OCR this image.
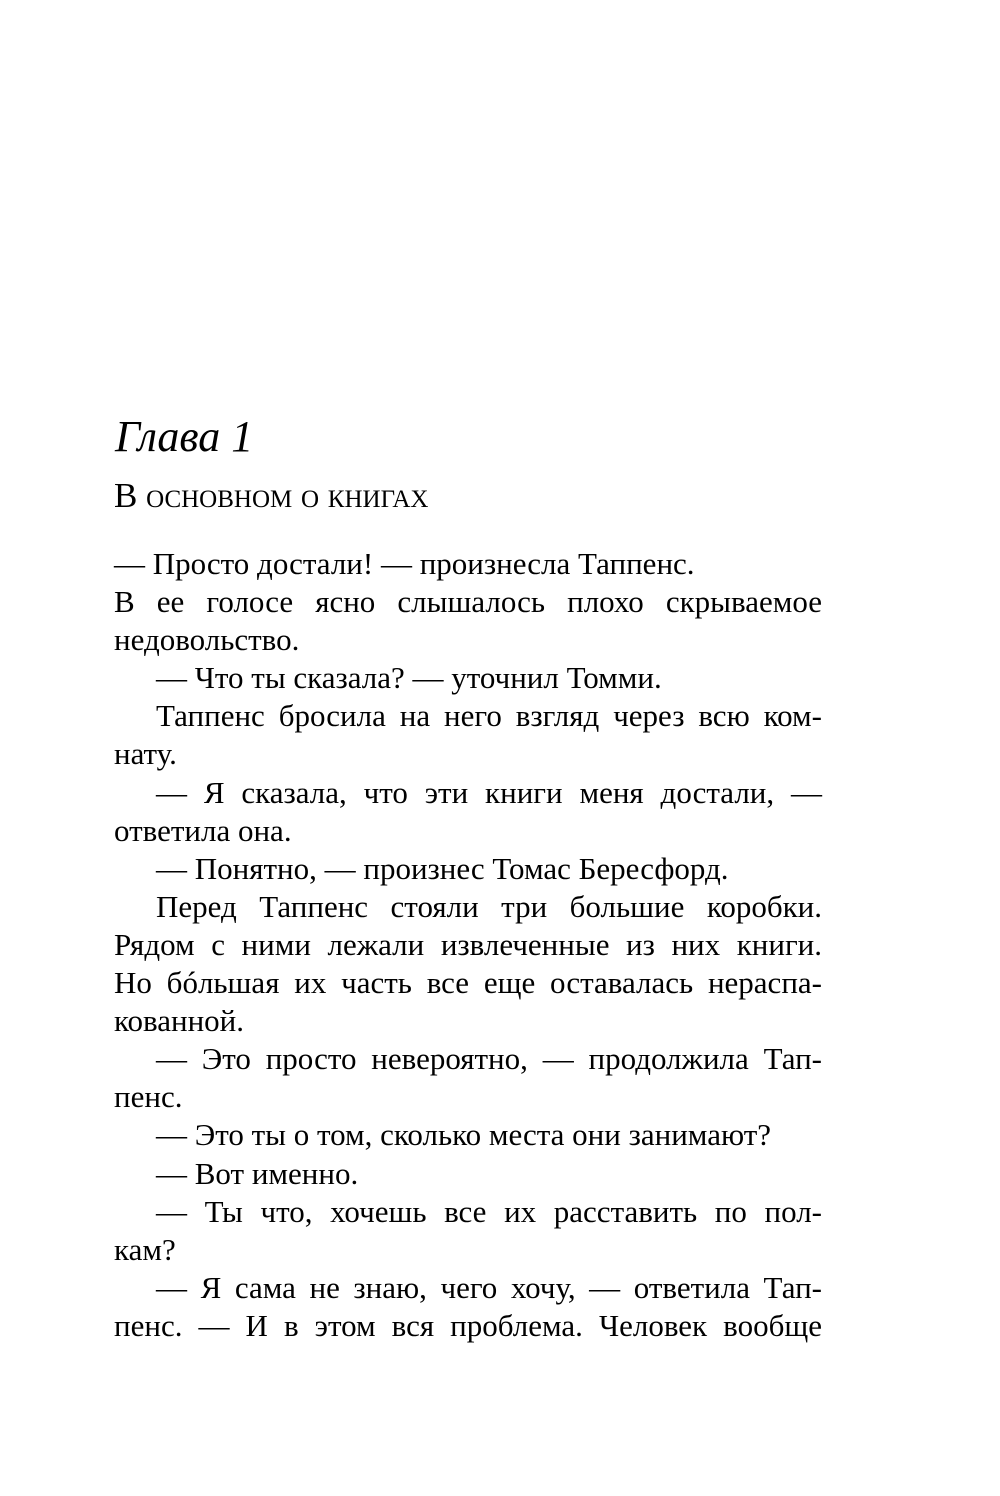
Глава 1
В основном о книгах
— Просто достали! — произнесла Таппенс.
В ее голосе ясно слышалось плохо скрываемое
недовольство.
— Что ты сказала? — уточнил Томми.
Таппенс бросила на него взгляд через всю ком-
нату.
— Я сказала, что эти книги меня достали, —
ответила она.
— Понятно, — произнес Томас Бересфорд.
Перед Таппенс стояли три большие коробки.
Рядом с ними лежали извлеченные из них книги.
Но бóльшая их часть все еще оставалась нераспа-
кованной.
— Это просто невероятно, — продолжила Тап-
пенс.
— Это ты о том, сколько места они занимают?
— Вот именно.
— Ты что, хочешь все их расставить по пол-
кам?
— Я сама не знаю, чего хочу, — ответила Тап-
пенс. — И в этом вся проблема. Человек вообще
